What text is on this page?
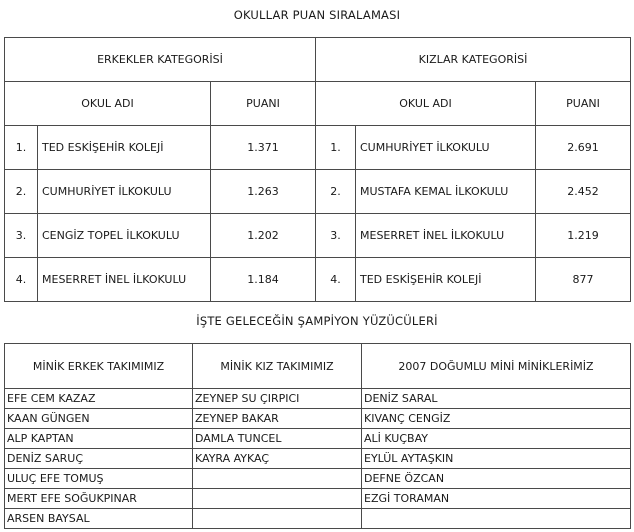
OKULLAR PUAN SIRALAMASI
ERKEKLER KATEGORİSİ			KIZLAR KATEGORİSİ		
OKUL ADI		PUANI	OKUL ADI		PUANI
1.	TED ESKİŞEHİR KOLEJİ	1.371	1.	CUMHURİYET İLKOKULU	2.691
2.	CUMHURİYET İLKOKULU	1.263	2.	MUSTAFA KEMAL İLKOKULU	2.452
3.	CENGİZ TOPEL İLKOKULU	1.202	3.	MESERRET İNEL İLKOKULU	1.219
4.	MESERRET İNEL İLKOKULU	1.184	4.	TED ESKİŞEHİR KOLEJİ	877
İŞTE GELECEĞİN ŞAMPİYON YÜZÜCÜLERİ
MİNİK ERKEK TAKIMIMIZ	MİNİK KIZ TAKIMIMIZ	2007 DOĞUMLU MİNİ MİNİKLERİMİZ
EFE CEM KAZAZ	ZEYNEP SU ÇIRPICI	DENİZ SARAL
KAAN GÜNGEN	ZEYNEP BAKAR	KIVANÇ CENGİZ
ALP KAPTAN	DAMLA TUNCEL	ALİ KUÇBAY
DENİZ SARUÇ	KAYRA AYKAÇ	EYLÜL AYTAŞKIN
ULUÇ EFE TOMUŞ		DEFNE ÖZCAN
MERT EFE SOĞUKPINAR		EZGİ TORAMAN
ARSEN BAYSAL		
